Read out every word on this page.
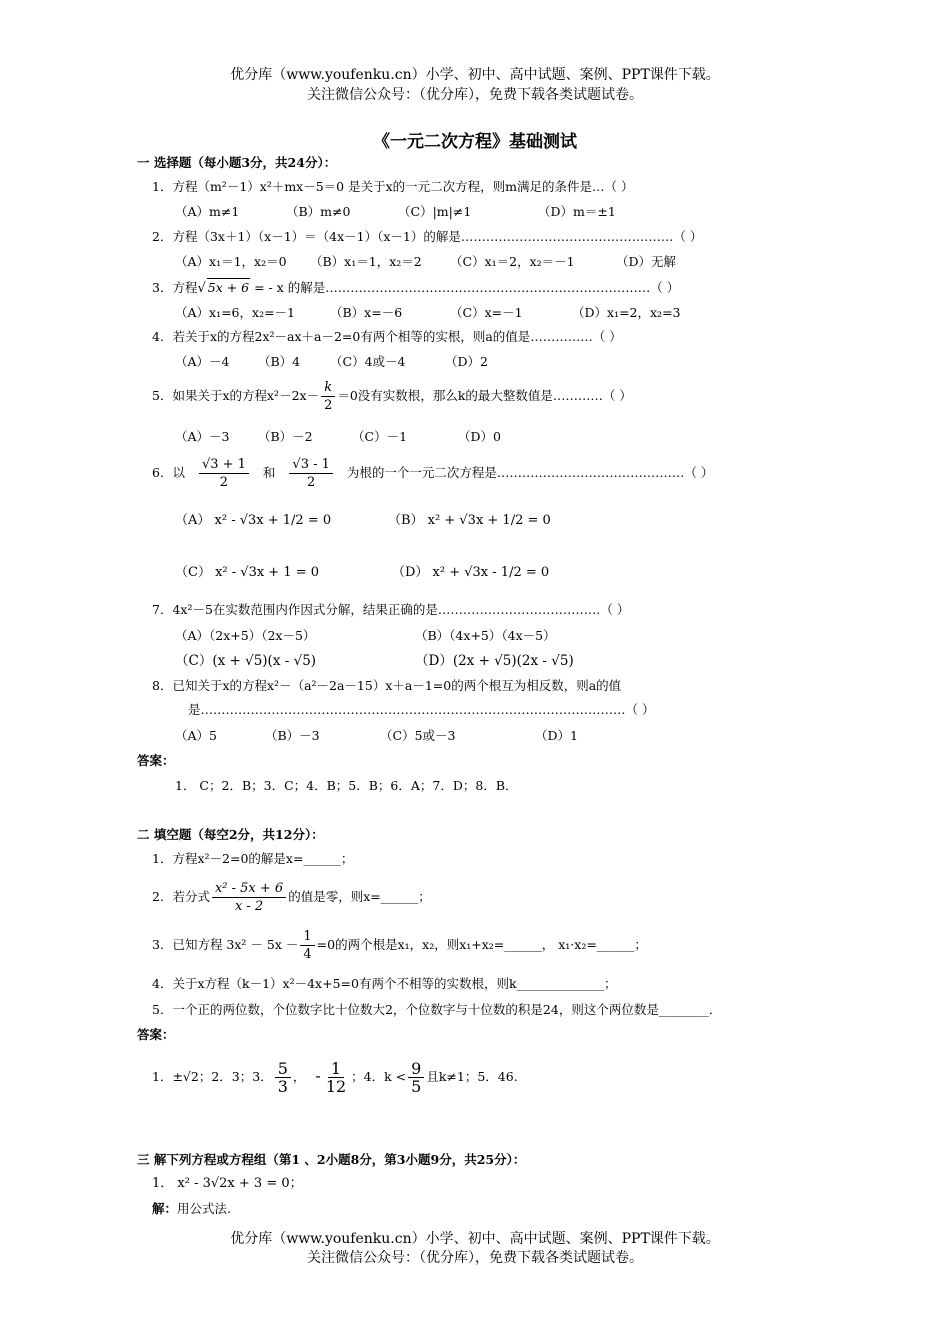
优分库（www.youfenku.cn）小学、初中、高中试题、案例、PPT课件下载。
关注微信公众号：（优分库），免费下载各类试题试卷。
《一元二次方程》基础测试
一 选择题（每小题3分，共24分）：
1．方程（m²－1）x²＋mx－5＝0 是关于x的一元二次方程，则m满足的条件是…（ ）
（A）m≠1	（B）m≠0	（C）|m|≠1	（D）m＝±1
2．方程（3x＋1）（x－1）＝（4x－1）（x－1）的解是……………………………………………（ ）
（A）x₁＝1，x₂＝0 （B）x₁＝1，x₂＝2 （C）x₁＝2，x₂＝－1	（D）无解
3．方程√ 5x + 6 = - x 的解是……………………………………………………………………（ ）
（A）x₁=6，x₂=－1	（B）x=－6	（C）x=－1	（D）x₁=2，x₂=3
4．若关于x的方程2x²－ax＋a－2=0有两个相等的实根，则a的值是……………（ ）
（A）－4 （B）4 （C）4或－4	（D）2
5．如果关于x的方程$x^2-2x- \frac{k}{2} =0$没有实数根，那么k的最大整数值是…………（ ）
（A）－3 （B）－2	（C）－1	（D）0
6．以 $\frac{√3 + 1}{2}$ 和 $\frac{√3 - 1}{2}$ 为根的一个一元二次方程是………………………………………（ ）
（A） x² - √3x + 1/2 = 0	（B） x² + √3x + 1/2 = 0
（C） x² - √3x + 1 = 0	（D） x² + √3x - 1/2 = 0
7．4x²－5在实数范围内作因式分解，结果正确的是…………………………………（ ）
（A）（2x+5）（2x－5）	（B）（4x+5）（4x－5）
（C）(x + √5)(x - √5)	（D）(2x + √5)(2x - √5)
8．已知关于x的方程x²－（a²－2a－15）x＋a－1=0的两个根互为相反数，则a的值
是…………………………………………………………………………………………（ ）
（A）5	（B）－3	（C）5或－3	（D）1
答案：
1． C；2．B；3．C；4．B；5．B；6．A；7．D；8．B．
二 填空题（每空2分，共12分）：
1．方程x²－2=0的解是x=______；
2．若分式 $\frac{\text{x² - 5x + 6}}{x - 2}$ 的值是零，则x=______；
3．已知方程 $3x^2 - 5x - \frac{1}{4} =0$的两个根是x₁，x₂，则x₁+x₂=______， x₁·x₂=______；
4．关于x方程（k－1）x²－4x+5=0有两个不相等的实数根，则k______________；
5．一个正的两位数，个位数字比十位数大2，个位数字与十位数的积是24，则这个两位数是________．
答案：
1．±√2；2．3；3． $\frac{5}{3}$ ， - $\frac{1}{12}$ ；4．$k < \frac{9}{5}$ 且k≠1；5．46.
三 解下列方程或方程组（第1 、2小题8分，第3小题9分，共25分）：
1． x² - 3√2x + 3 = 0；
解：用公式法.
优分库（www.youfenku.cn）小学、初中、高中试题、案例、PPT课件下载。
关注微信公众号：（优分库），免费下载各类试题试卷。
